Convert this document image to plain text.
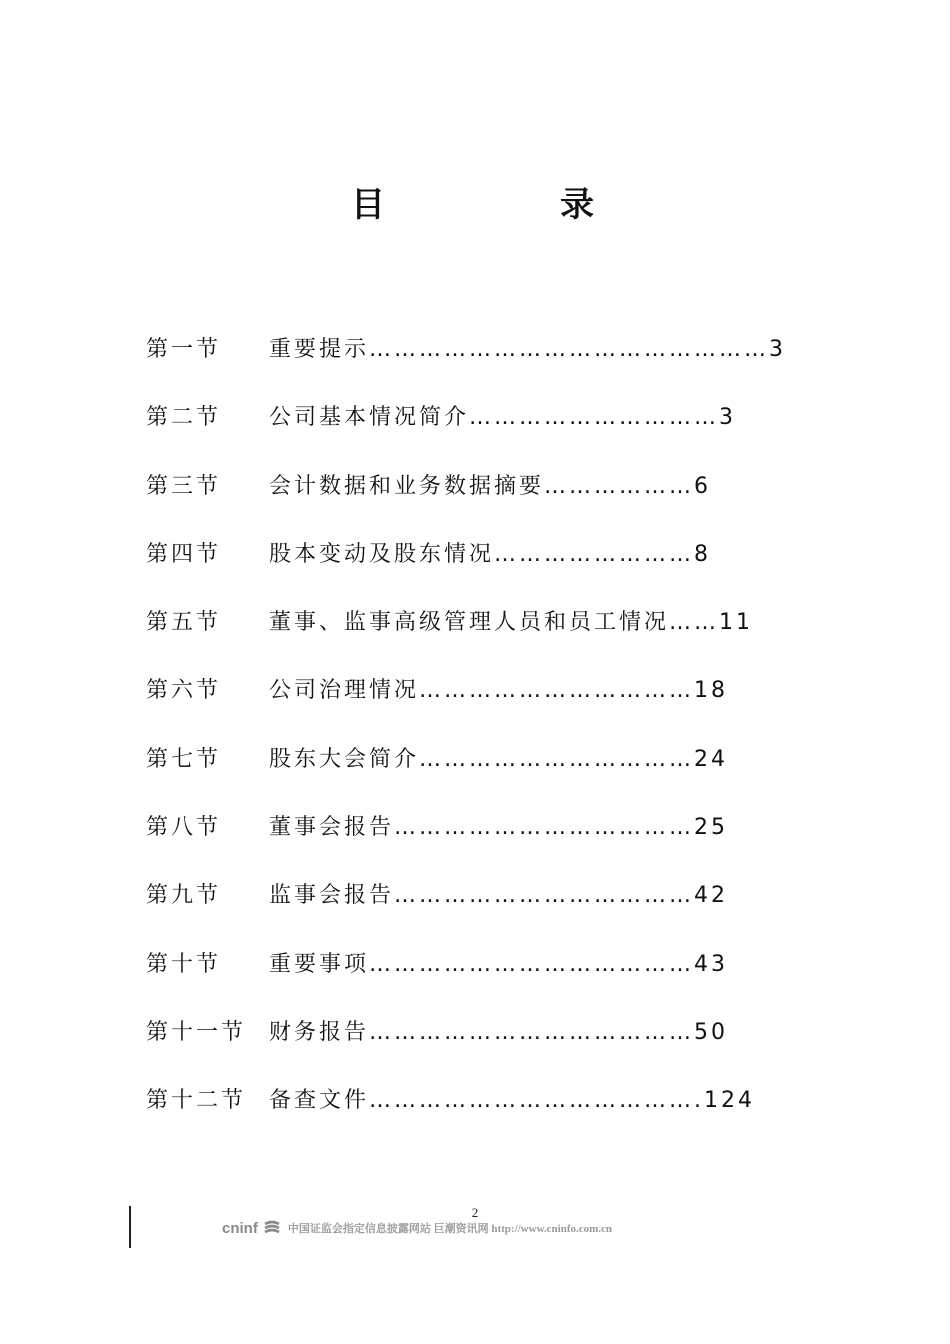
目	录
第一节 重要提示…………………………………………3
第二节 公司基本情况简介…………………………3
第三节 会计数据和业务数据摘要………………6
第四节 股本变动及股东情况……………………8
第五节 董事、监事高级管理人员和员工情况……11
第六节 公司治理情况……………………………18
第七节 股东大会简介……………………………24
第八节 董事会报告………………………………25
第九节 监事会报告………………………………42
第十节 重要事项…………………………………43
第十一节 财务报告…………………………………50
第十二节 备查文件………………………………….124
2
cninf	中国证监会指定信息披露网站 巨潮资讯网 http://www.cninfo.com.cn
